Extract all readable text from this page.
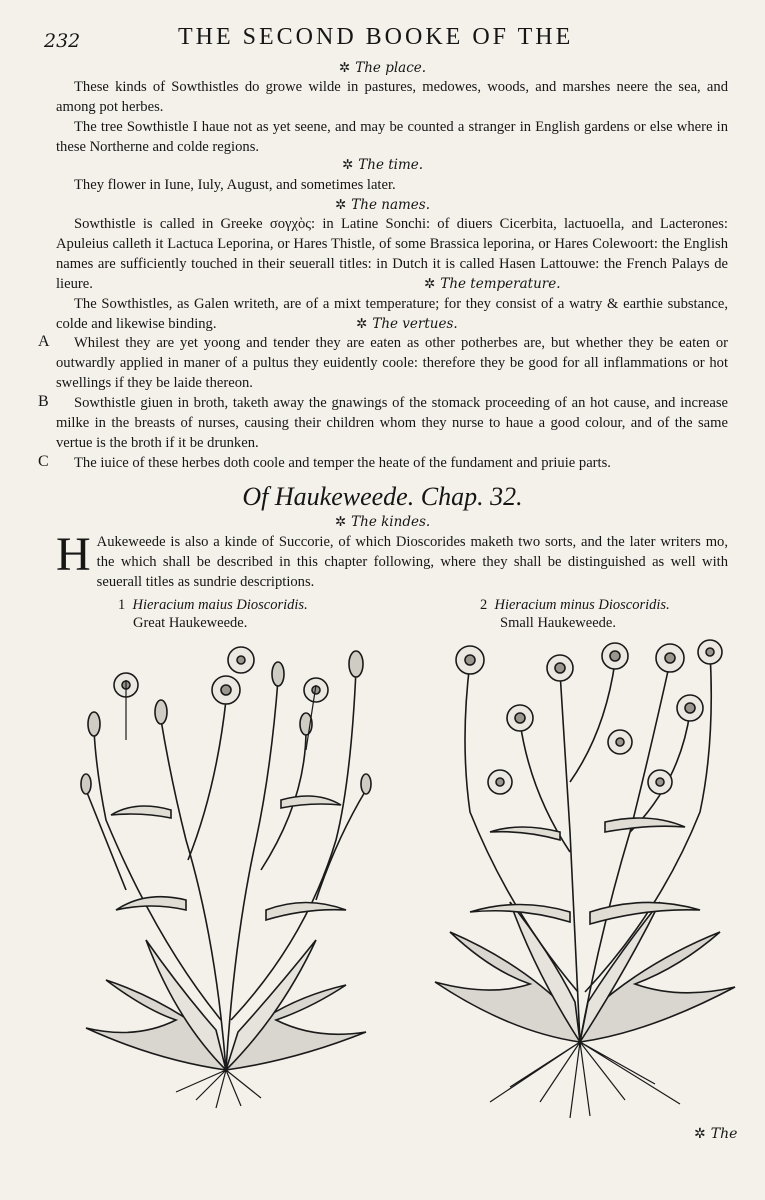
232	THE SECOND BOOKE OF THE
✲ The place.

These kinds of Sowthistles do growe wilde in pastures, medowes, woods, and marshes neere the sea, and among pot herbes.

The tree Sowthistle I haue not as yet seene, and may be counted a stranger in English gardens or else where in these Northerne and colde regions.

✲ The time.

They flower in Iune, Iuly, August, and sometimes later.

✲ The names.

Sowthistle is called in Greeke σογχὸς: in Latine Sonchi: of diuers Cicerbita, lactuoella, and Lacterones: Apuleius calleth it Lactuca Leporina, or Hares Thistle, of some Brassica leporina, or Hares Colewoort: the English names are sufficiently touched in their seuerall titles: in Dutch it is called Hasen Lattouwe: the French Palays de lieure.	✲ The temperature.

The Sowthistles, as Galen writeth, are of a mixt temperature; for they consist of a watry & earthie substance, colde and likewise binding.	✲ The vertues.
A	Whilest they are yet yoong and tender they are eaten as other potherbes are, but whether they be eaten or outwardly applied in maner of a pultus they euidently coole: therefore they be good for all inflammations or hot swellings if they be laide thereon.

B	Sowthistle giuen in broth, taketh away the gnawings of the stomack proceeding of an hot cause, and increase milke in the breasts of nurses, causing their children whom they nurse to haue a good colour, and of the same vertue is the broth if it be drunken.

C	The iuice of these herbes doth coole and temper the heate of the fundament and priuie parts.

Of Haukeweede. Chap. 32.
✲ The kindes.
H Aukeweede is also a kinde of Succorie, of which Dioscorides maketh two sorts, and the later writers mo, the which shall be described in this chapter following, where they shall be distinguished as well with seuerall titles as sundrie descriptions.
1 Hieracium maius Dioscoridis.
Great Haukeweede.
2 Hieracium minus Dioscoridis.
Small Haukeweede.
✲ The
